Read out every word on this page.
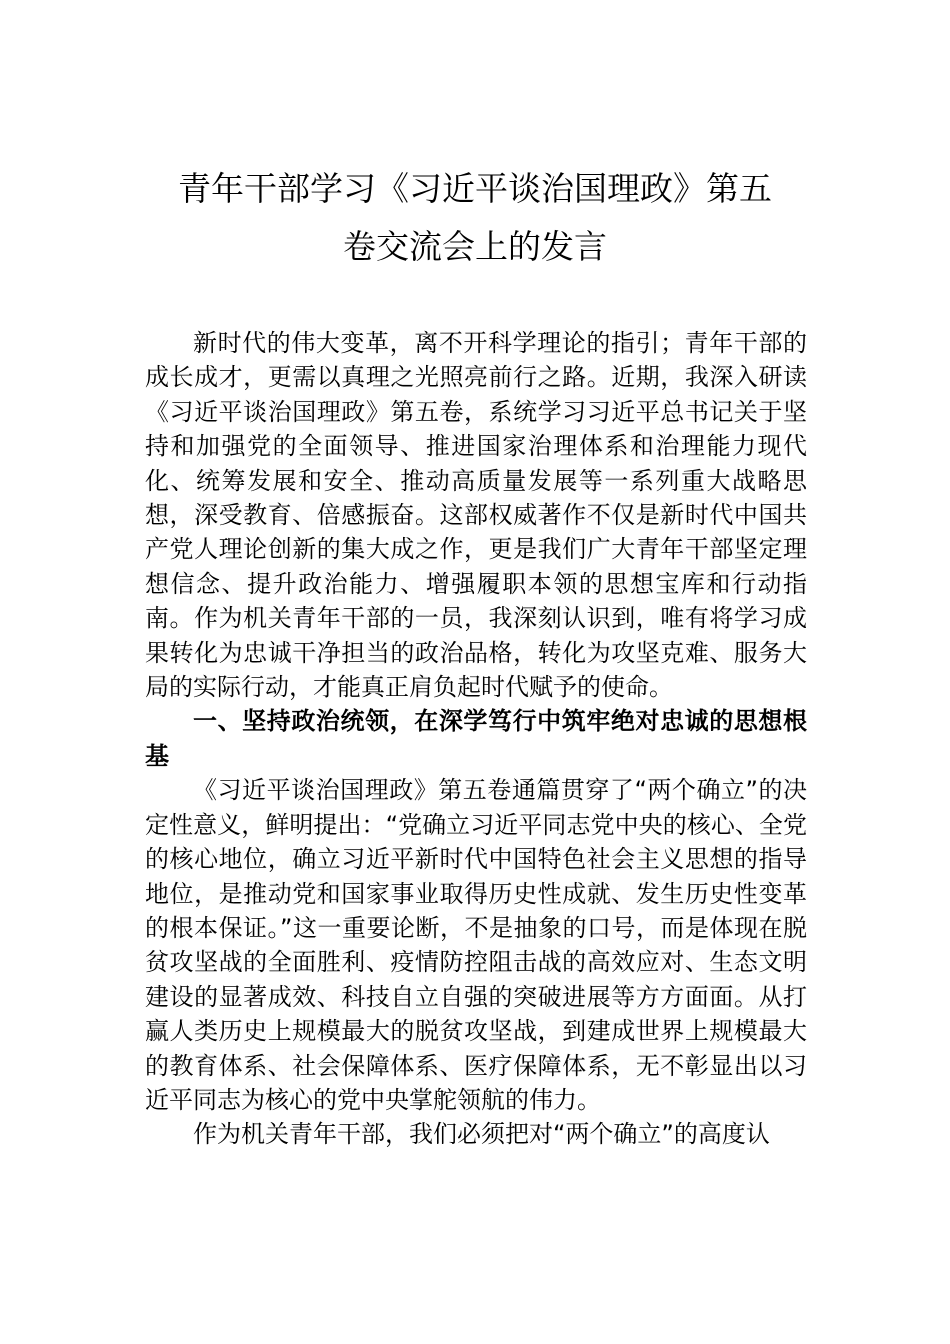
青年干部学习《习近平谈治国理政》第五
卷交流会上的发言

新时代的伟大变革，离不开科学理论的指引；青年干部的成长成才，更需以真理之光照亮前行之路。近期，我深入研读《习近平谈治国理政》第五卷，系统学习习近平总书记关于坚持和加强党的全面领导、推进国家治理体系和治理能力现代化、统筹发展和安全、推动高质量发展等一系列重大战略思想，深受教育、倍感振奋。这部权威著作不仅是新时代中国共产党人理论创新的集大成之作，更是我们广大青年干部坚定理想信念、提升政治能力、增强履职本领的思想宝库和行动指南。作为机关青年干部的一员，我深刻认识到，唯有将学习成果转化为忠诚干净担当的政治品格，转化为攻坚克难、服务大局的实际行动，才能真正肩负起时代赋予的使命。

一、坚持政治统领，在深学笃行中筑牢绝对忠诚的思想根基

《习近平谈治国理政》第五卷通篇贯穿了“两个确立”的决定性意义，鲜明提出：“党确立习近平同志党中央的核心、全党的核心地位，确立习近平新时代中国特色社会主义思想的指导地位，是推动党和国家事业取得历史性成就、发生历史性变革的根本保证。”这一重要论断，不是抽象的口号，而是体现在脱贫攻坚战的全面胜利、疫情防控阻击战的高效应对、生态文明建设的显著成效、科技自立自强的突破进展等方方面面。从打赢人类历史上规模最大的脱贫攻坚战，到建成世界上规模最大的教育体系、社会保障体系、医疗保障体系，无不彰显出以习近平同志为核心的党中央掌舵领航的伟力。

作为机关青年干部，我们必须把对“两个确立”的高度认
